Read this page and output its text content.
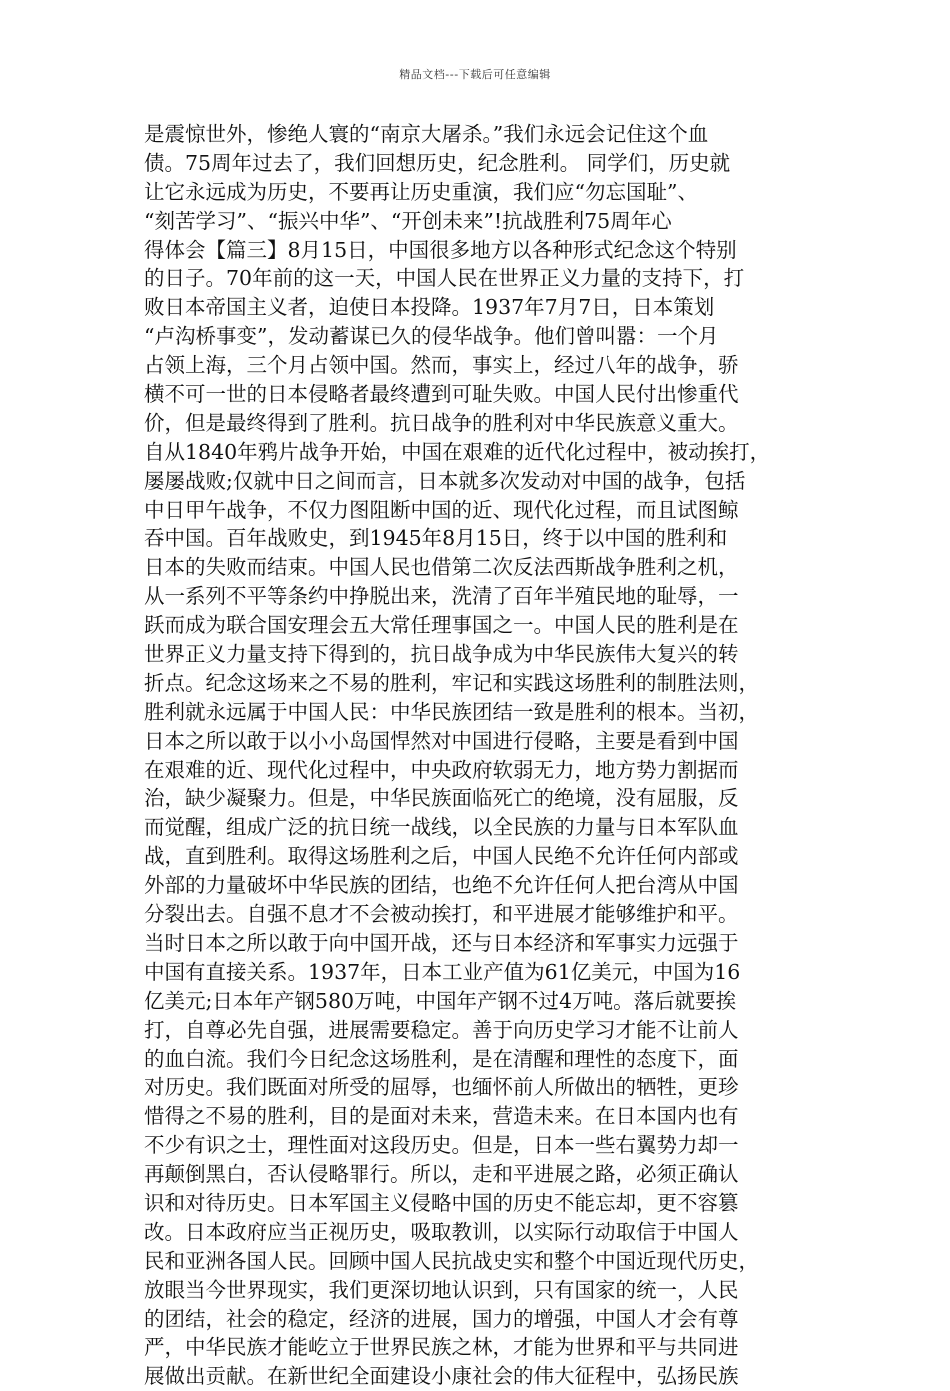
精品文档---下载后可任意编辑
是震惊世外，惨绝人寰的“南京大屠杀。”我们永远会记住这个血
债。75周年过去了，我们回想历史，纪念胜利。 同学们，历史就
让它永远成为历史，不要再让历史重演，我们应“勿忘国耻”、
“刻苦学习”、“振兴中华”、“开创未来”!抗战胜利75周年心
得体会【篇三】8月15日，中国很多地方以各种形式纪念这个特别
的日子。70年前的这一天，中国人民在世界正义力量的支持下，打
败日本帝国主义者，迫使日本投降。1937年7月7日，日本策划
“卢沟桥事变”，发动蓄谋已久的侵华战争。他们曾叫嚣：一个月
占领上海，三个月占领中国。然而，事实上，经过八年的战争，骄
横不可一世的日本侵略者最终遭到可耻失败。中国人民付出惨重代
价，但是最终得到了胜利。抗日战争的胜利对中华民族意义重大。
自从1840年鸦片战争开始，中国在艰难的近代化过程中，被动挨打，
屡屡战败;仅就中日之间而言，日本就多次发动对中国的战争，包括
中日甲午战争，不仅力图阻断中国的近、现代化过程，而且试图鲸
吞中国。百年战败史，到1945年8月15日，终于以中国的胜利和
日本的失败而结束。中国人民也借第二次反法西斯战争胜利之机，
从一系列不平等条约中挣脱出来，洗清了百年半殖民地的耻辱，一
跃而成为联合国安理会五大常任理事国之一。中国人民的胜利是在
世界正义力量支持下得到的，抗日战争成为中华民族伟大复兴的转
折点。纪念这场来之不易的胜利，牢记和实践这场胜利的制胜法则，
胜利就永远属于中国人民：中华民族团结一致是胜利的根本。当初，
日本之所以敢于以小小岛国悍然对中国进行侵略，主要是看到中国
在艰难的近、现代化过程中，中央政府软弱无力，地方势力割据而
治，缺少凝聚力。但是，中华民族面临死亡的绝境，没有屈服，反
而觉醒，组成广泛的抗日统一战线，以全民族的力量与日本军队血
战，直到胜利。取得这场胜利之后，中国人民绝不允许任何内部或
外部的力量破坏中华民族的团结，也绝不允许任何人把台湾从中国
分裂出去。自强不息才不会被动挨打，和平进展才能够维护和平。
当时日本之所以敢于向中国开战，还与日本经济和军事实力远强于
中国有直接关系。1937年，日本工业产值为61亿美元，中国为16
亿美元;日本年产钢580万吨，中国年产钢不过4万吨。落后就要挨
打，自尊必先自强，进展需要稳定。善于向历史学习才能不让前人
的血白流。我们今日纪念这场胜利，是在清醒和理性的态度下，面
对历史。我们既面对所受的屈辱，也缅怀前人所做出的牺牲，更珍
惜得之不易的胜利，目的是面对未来，营造未来。在日本国内也有
不少有识之士，理性面对这段历史。但是，日本一些右翼势力却一
再颠倒黑白，否认侵略罪行。所以，走和平进展之路，必须正确认
识和对待历史。日本军国主义侵略中国的历史不能忘却，更不容篡
改。日本政府应当正视历史，吸取教训，以实际行动取信于中国人
民和亚洲各国人民。回顾中国人民抗战史实和整个中国近现代历史，
放眼当今世界现实，我们更深切地认识到，只有国家的统一，人民
的团结，社会的稳定，经济的进展，国力的增强，中国人才会有尊
严，中华民族才能屹立于世界民族之林，才能为世界和平与共同进
展做出贡献。在新世纪全面建设小康社会的伟大征程中，弘扬民族
